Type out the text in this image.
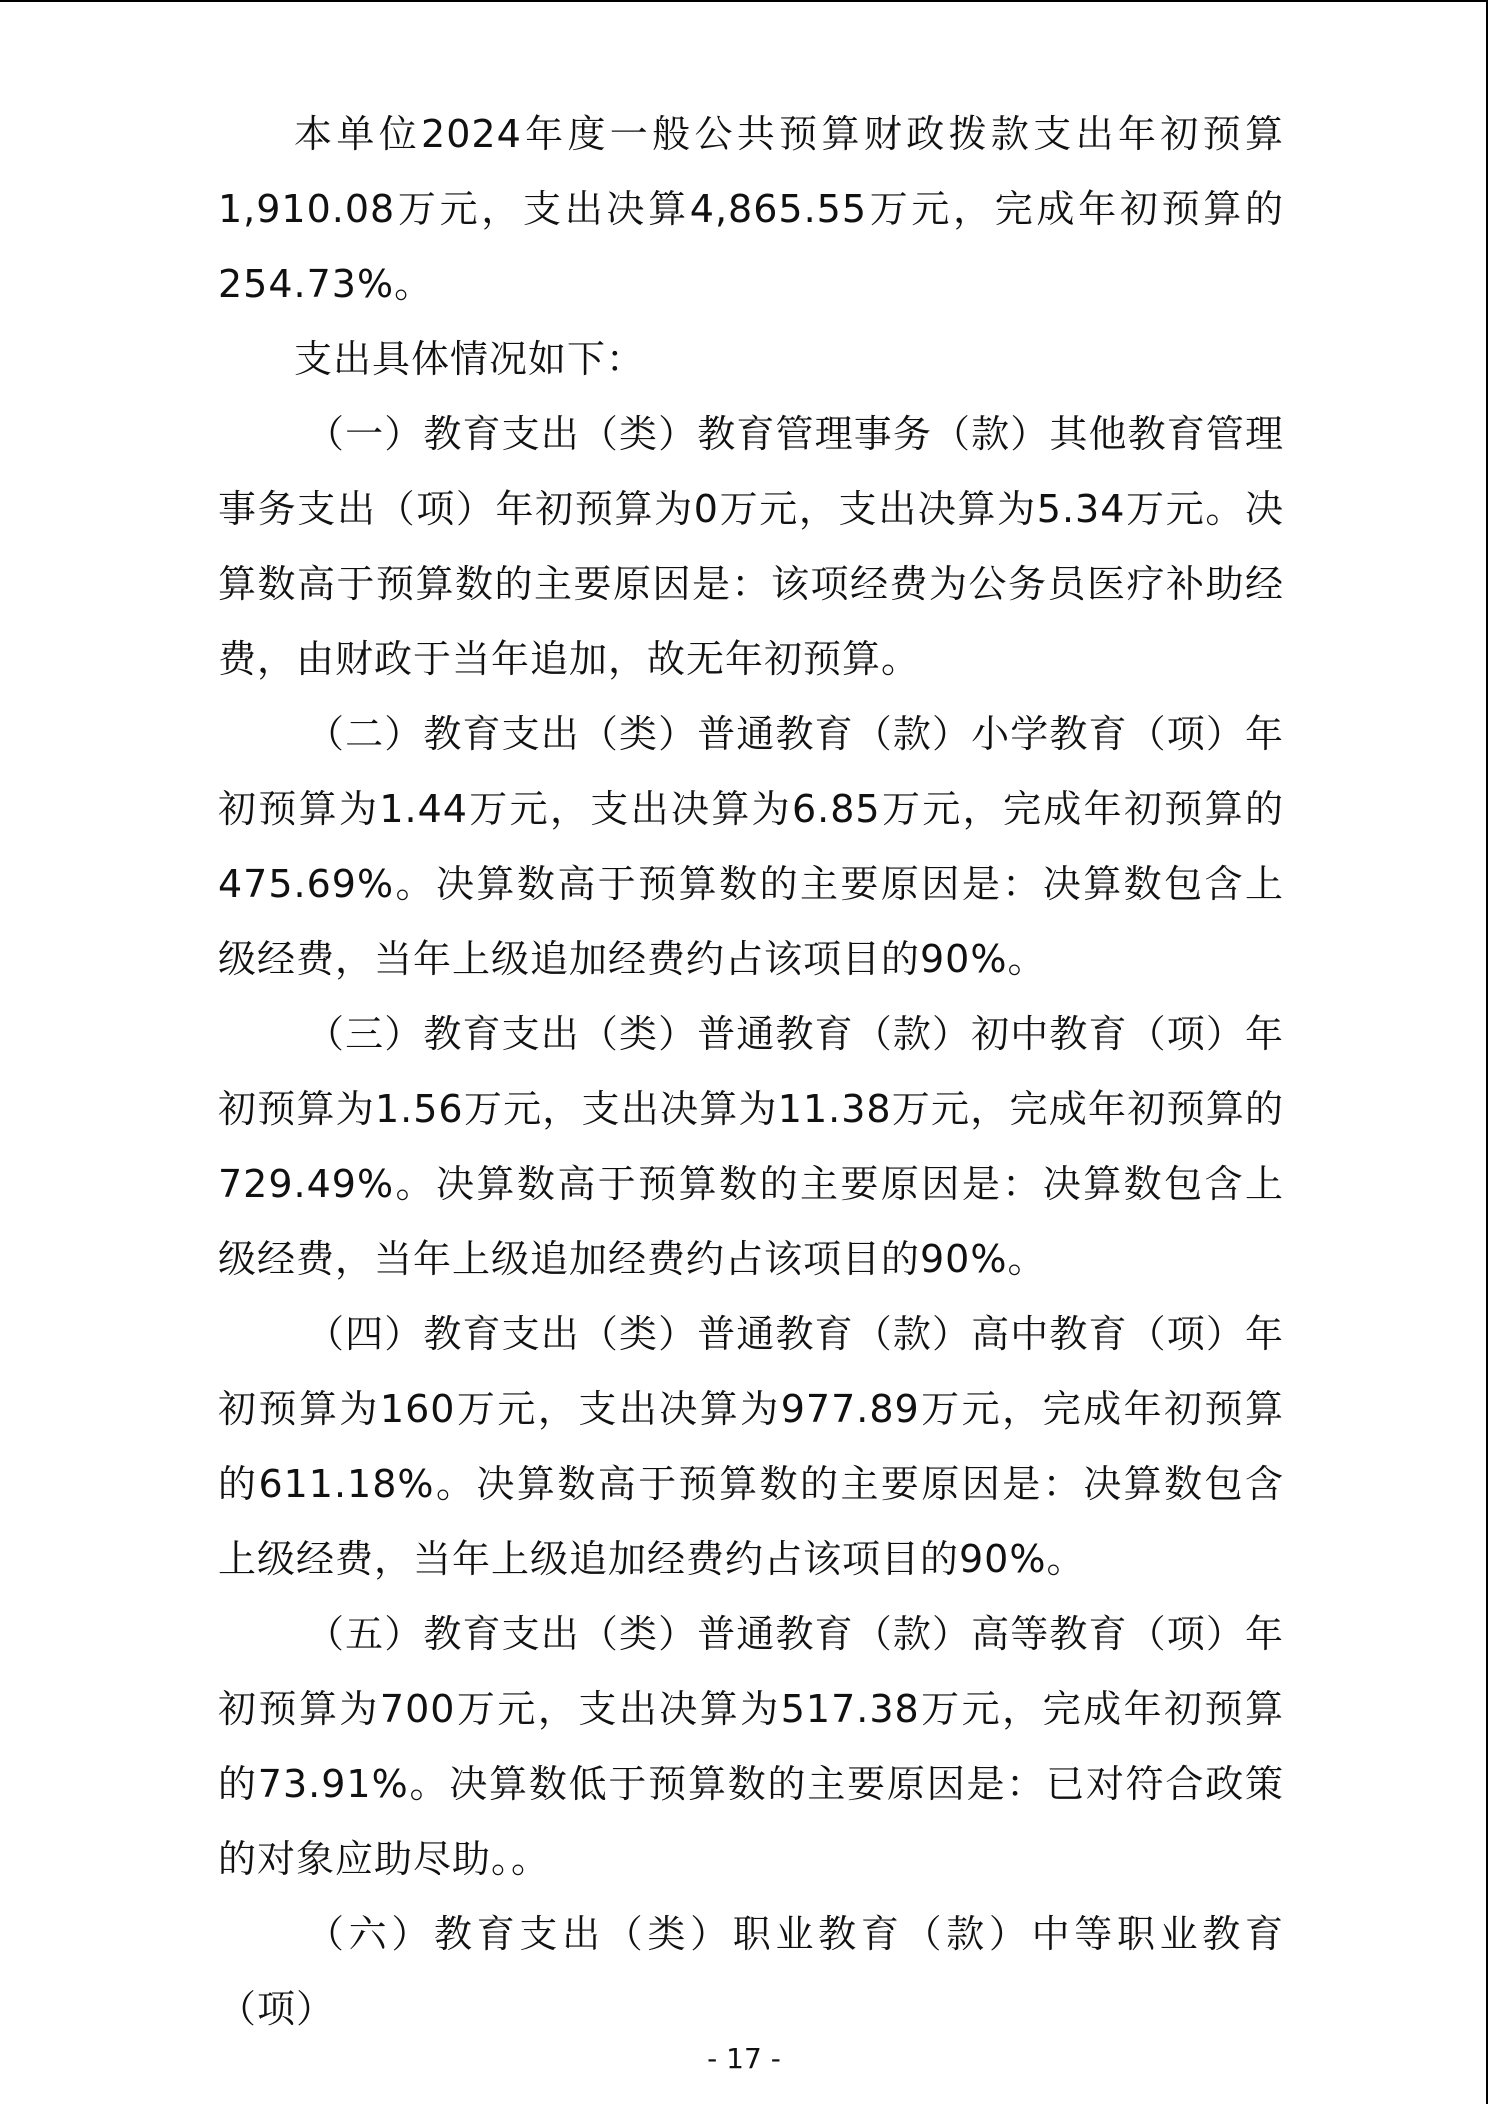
本单位2024年度一般公共预算财政拨款支出年初预算1,910.08万元，支出决算4,865.55万元，完成年初预算的254.73%。

支出具体情况如下：

（一）教育支出（类）教育管理事务（款）其他教育管理事务支出（项）年初预算为0万元，支出决算为5.34万元。决算数高于预算数的主要原因是：该项经费为公务员医疗补助经费，由财政于当年追加，故无年初预算。

（二）教育支出（类）普通教育（款）小学教育（项）年初预算为1.44万元，支出决算为6.85万元，完成年初预算的475.69%。决算数高于预算数的主要原因是：决算数包含上级经费，当年上级追加经费约占该项目的90%。

（三）教育支出（类）普通教育（款）初中教育（项）年初预算为1.56万元，支出决算为11.38万元，完成年初预算的729.49%。决算数高于预算数的主要原因是：决算数包含上级经费，当年上级追加经费约占该项目的90%。

（四）教育支出（类）普通教育（款）高中教育（项）年初预算为160万元，支出决算为977.89万元，完成年初预算的611.18%。决算数高于预算数的主要原因是：决算数包含上级经费，当年上级追加经费约占该项目的90%。

（五）教育支出（类）普通教育（款）高等教育（项）年初预算为700万元，支出决算为517.38万元，完成年初预算的73.91%。决算数低于预算数的主要原因是：已对符合政策的对象应助尽助。。

（六）教育支出（类）职业教育（款）中等职业教育（项）

- 17 -
